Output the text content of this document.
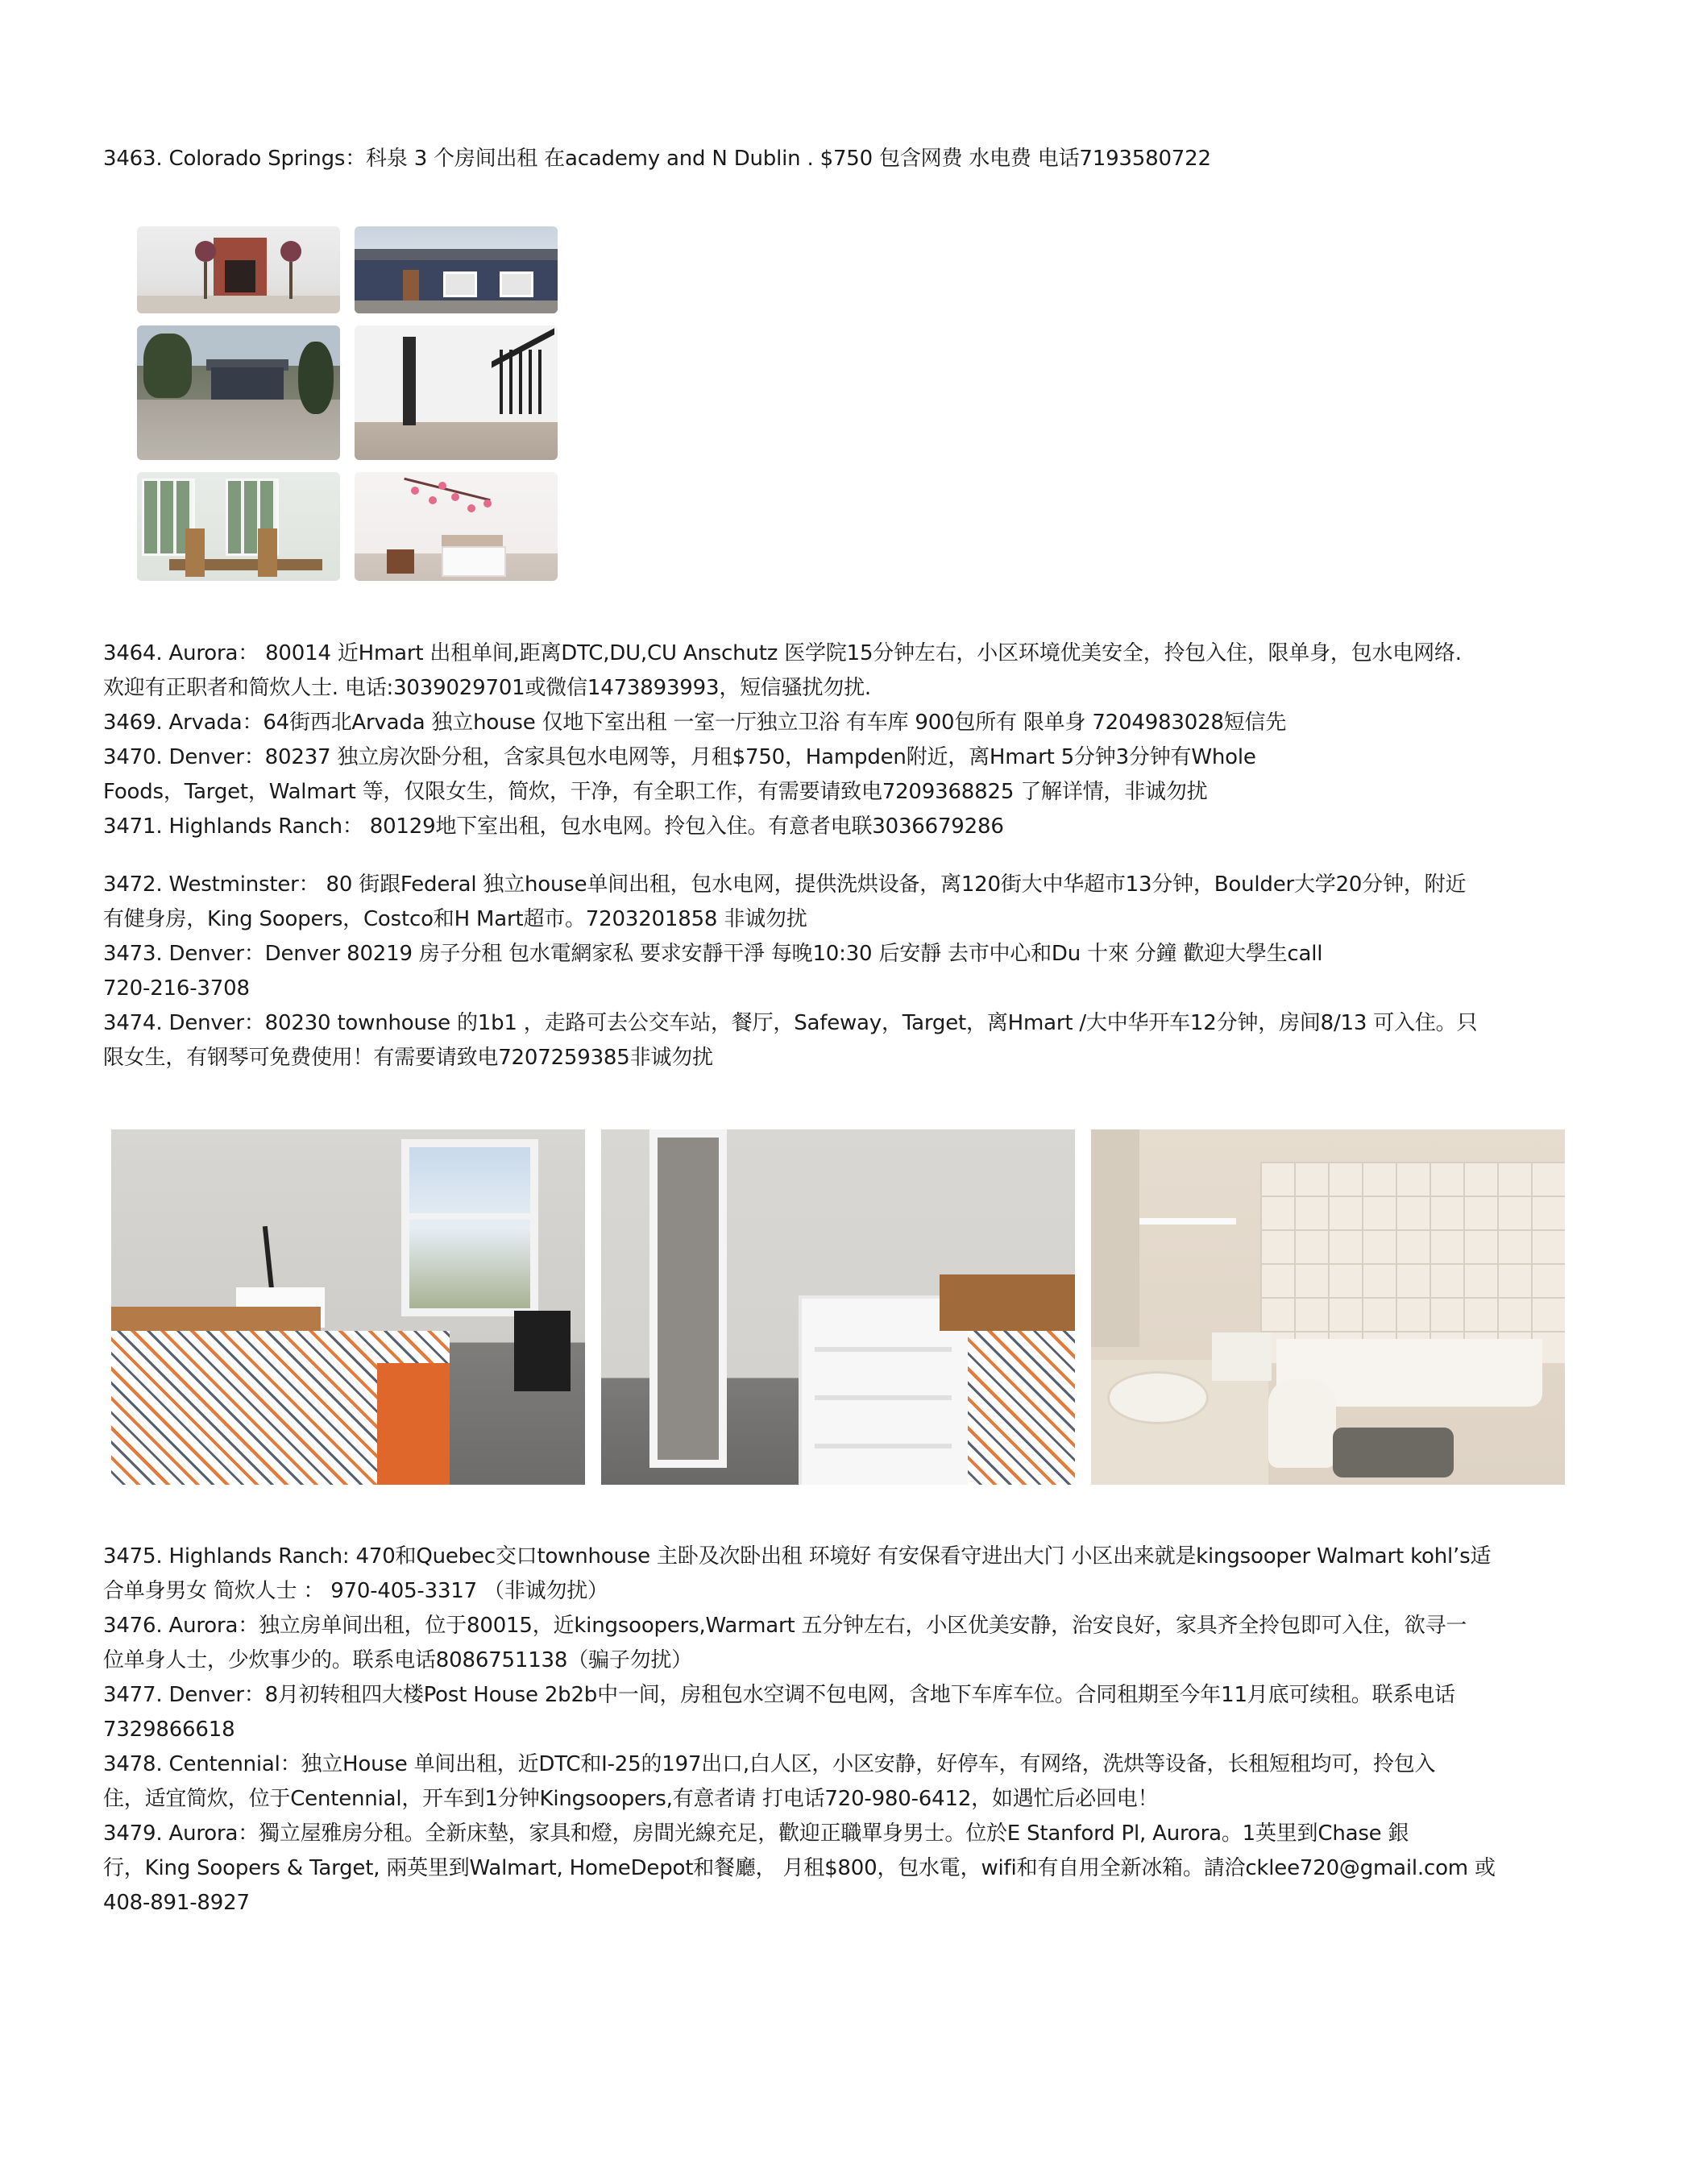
3463. Colorado Springs：科泉 3 个房间出租 在academy and N Dublin . $750 包含网费 水电费 电话7193580722
3464. Aurora： 80014 近Hmart 出租单间,距离DTC,DU,CU Anschutz 医学院15分钟左右，小区环境优美安全，拎包入住，限单身，包水电网络.
欢迎有正职者和简炊人士. 电话:3039029701或微信1473893993，短信骚扰勿扰.
3469. Arvada：64街西北Arvada 独立house 仅地下室出租 一室一厅独立卫浴 有车库 900包所有 限单身 7204983028短信先
3470. Denver：80237 独立房次卧分租，含家具包水电网等，月租$750，Hampden附近，离Hmart 5分钟3分钟有Whole
Foods，Target，Walmart 等，仅限女生，简炊，干净，有全职工作，有需要请致电7209368825 了解详情，非诚勿扰
3471. Highlands Ranch： 80129地下室出租，包水电网。拎包入住。有意者电联3036679286
3472. Westminster： 80 街跟Federal 独立house单间出租，包水电网，提供洗烘设备，离120街大中华超市13分钟，Boulder大学20分钟，附近
有健身房，King Soopers，Costco和H Mart超市。7203201858 非诚勿扰
3473. Denver：Denver 80219 房子分租 包水電網家私 要求安靜干淨 每晚10:30 后安靜 去市中心和Du 十來 分鐘 歡迎大學生call
720-216-3708
3474. Denver：80230 townhouse 的1b1 ，走路可去公交车站，餐厅，Safeway，Target，离Hmart /大中华开车12分钟，房间8/13 可入住。只
限女生，有钢琴可免费使用！有需要请致电7207259385非诚勿扰
3475. Highlands Ranch: 470和Quebec交口townhouse 主卧及次卧出租 环境好 有安保看守进出大门 小区出来就是kingsooper Walmart kohl’s适
合单身男女 简炊人士 ： 970-405-3317 （非诚勿扰）
3476. Aurora：独立房单间出租，位于80015，近kingsoopers,Warmart 五分钟左右，小区优美安静，治安良好，家具齐全拎包即可入住，欲寻一
位单身人士，少炊事少的。联系电话8086751138（骗子勿扰）
3477. Denver：8月初转租四大楼Post House 2b2b中一间，房租包水空调不包电网，含地下车库车位。合同租期至今年11月底可续租。联系电话
7329866618
3478. Centennial：独立House 单间出租，近DTC和I-25的197出口,白人区，小区安静，好停车，有网络，洗烘等设备，长租短租均可，拎包入
住，适宜简炊，位于Centennial，开车到1分钟Kingsoopers,有意者请 打电话720-980-6412，如遇忙后必回电！
3479. Aurora：獨立屋雅房分租。全新床墊，家具和燈，房間光線充足，歡迎正職單身男士。位於E Stanford Pl, Aurora。1英里到Chase 銀
行，King Soopers & Target, 兩英里到Walmart, HomeDepot和餐廳， 月租$800，包水電，wifi和有自用全新冰箱。請洽cklee720@gmail.com 或
408-891-8927
